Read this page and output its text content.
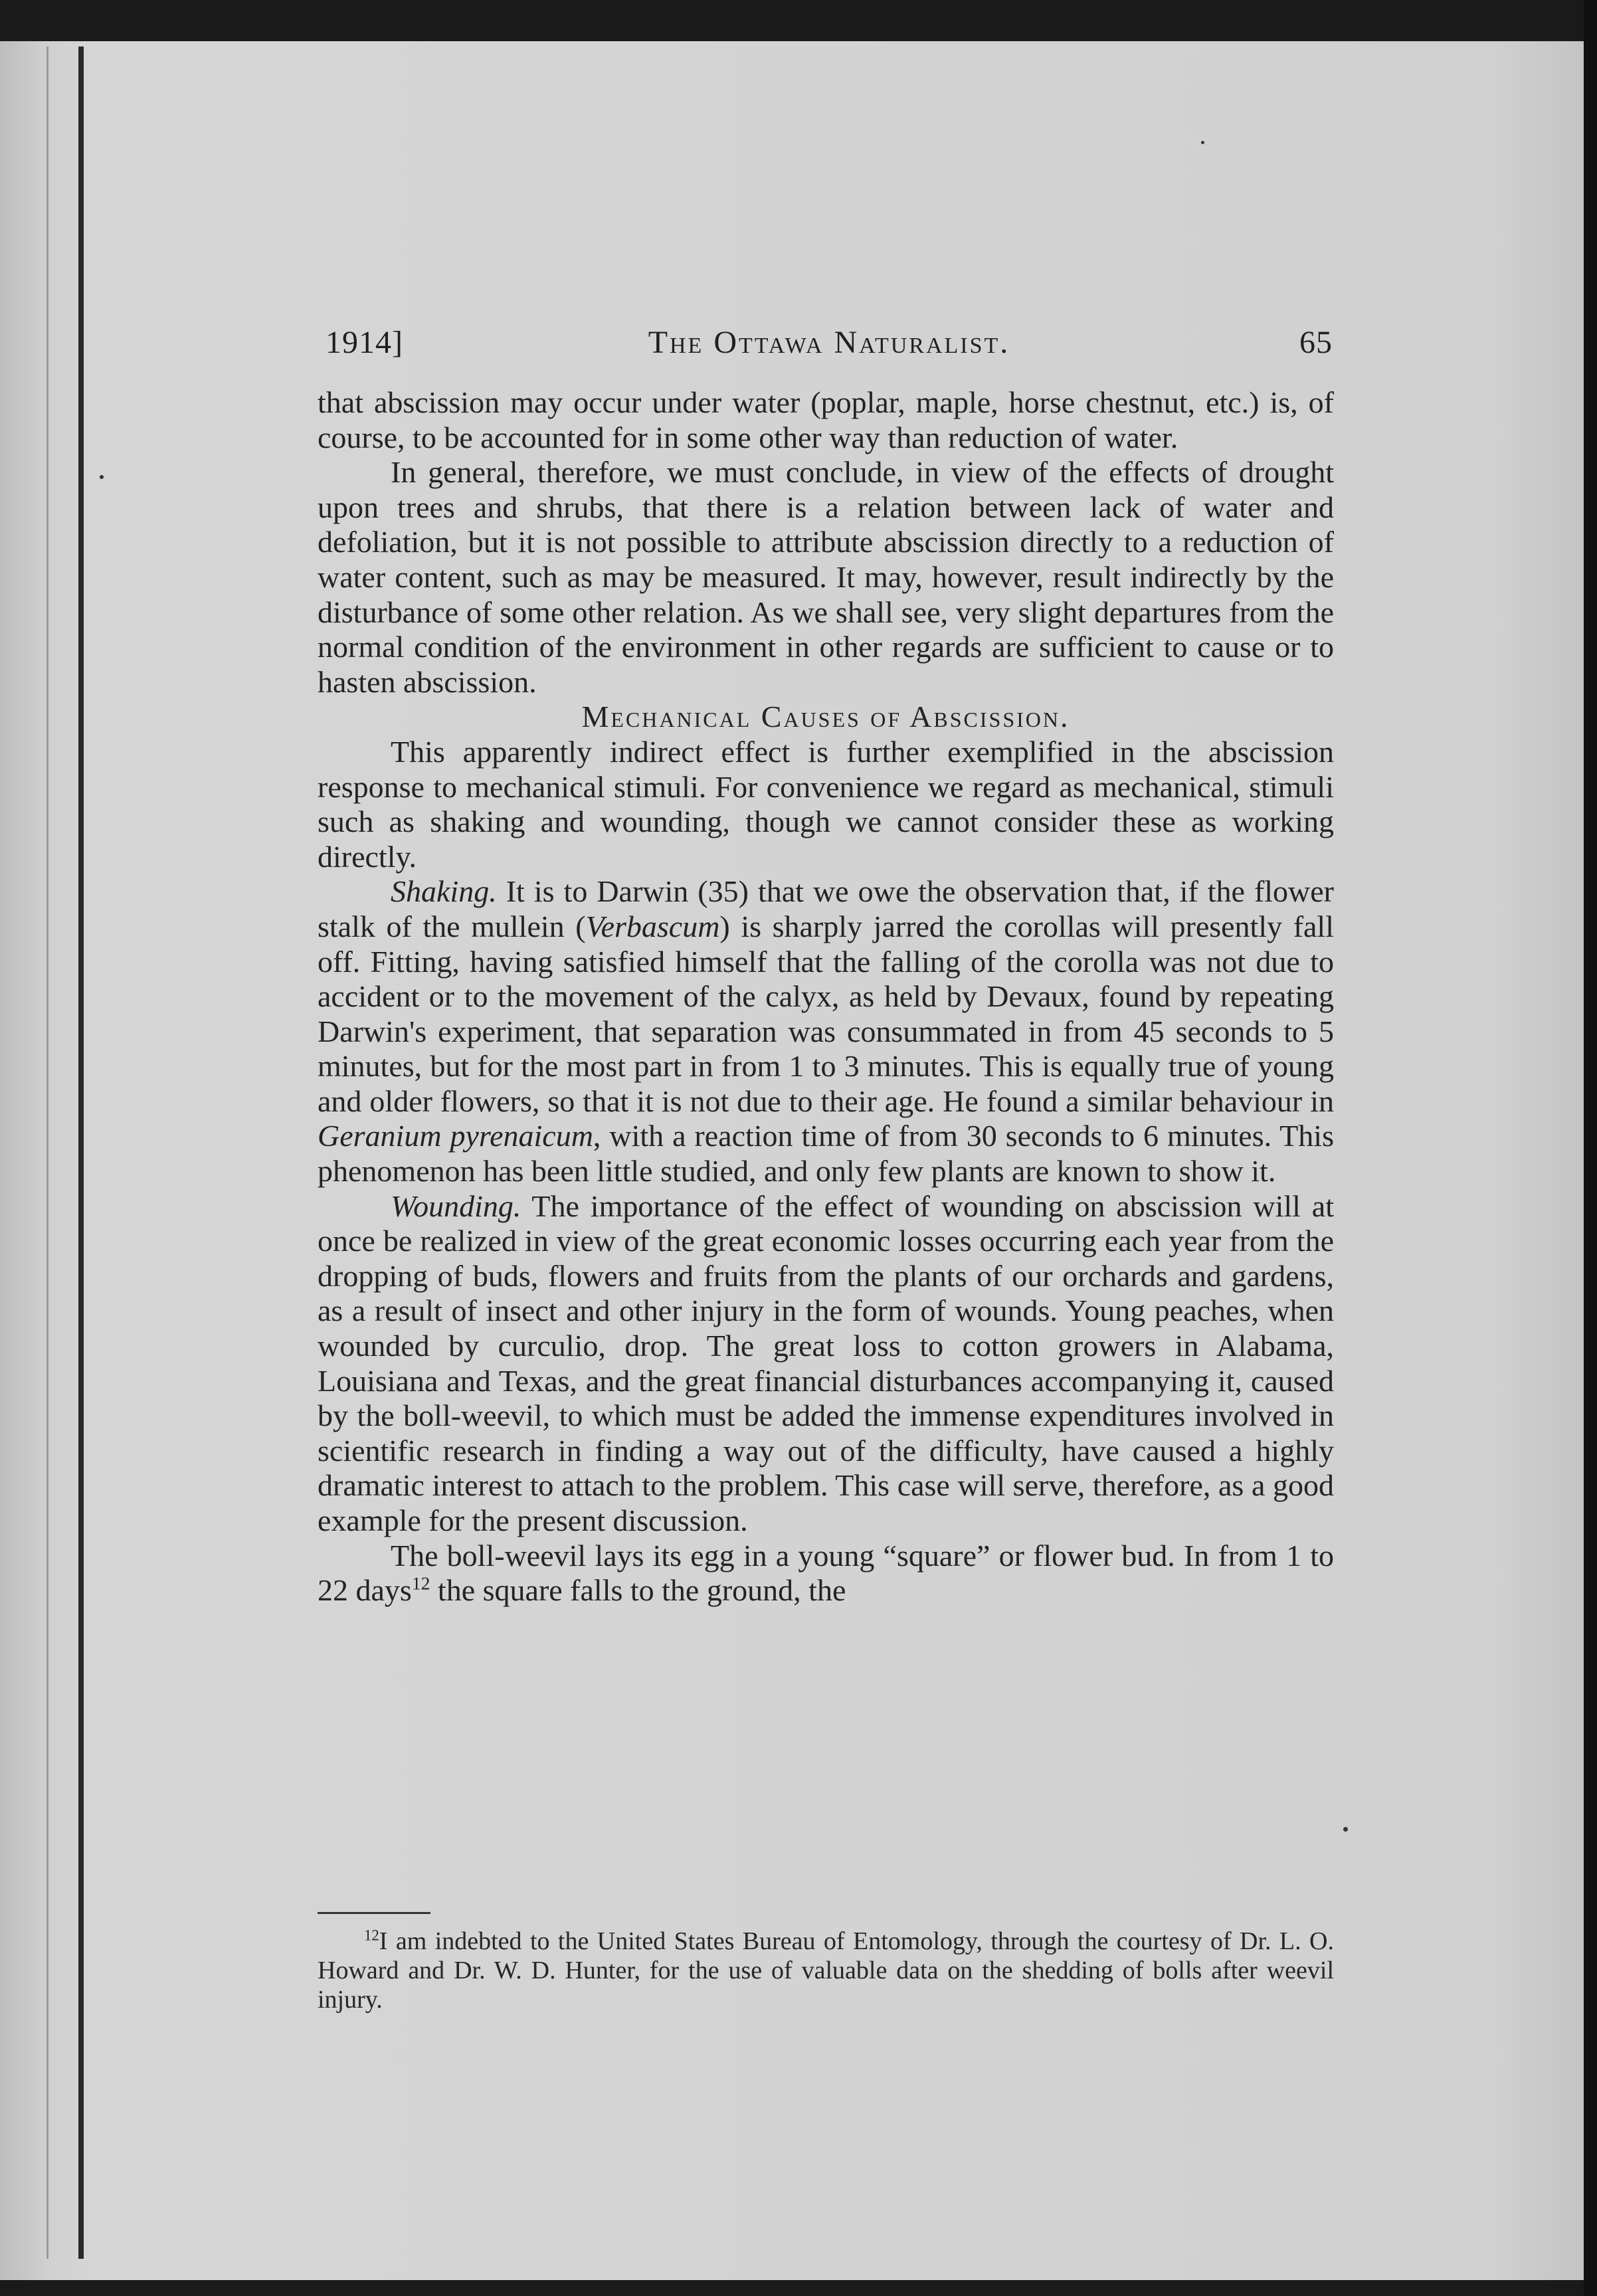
1914]	The Ottawa Naturalist.	65

that abscission may occur under water (poplar, maple, horse chestnut, etc.) is, of course, to be accounted for in some other way than reduction of water.

In general, therefore, we must conclude, in view of the effects of drought upon trees and shrubs, that there is a relation between lack of water and defoliation, but it is not possible to attribute abscission directly to a reduction of water content, such as may be measured. It may, however, result indirectly by the disturbance of some other relation. As we shall see, very slight departures from the normal condition of the environment in other regards are sufficient to cause or to hasten abscission.

Mechanical Causes of Abscission.

This apparently indirect effect is further exemplified in the abscission response to mechanical stimuli. For convenience we regard as mechanical, stimuli such as shaking and wounding, though we cannot consider these as working directly.

Shaking. It is to Darwin (35) that we owe the observation that, if the flower stalk of the mullein (Verbascum) is sharply jarred the corollas will presently fall off. Fitting, having satisfied himself that the falling of the corolla was not due to accident or to the movement of the calyx, as held by Devaux, found by repeating Darwin's experiment, that separation was consummated in from 45 seconds to 5 minutes, but for the most part in from 1 to 3 minutes. This is equally true of young and older flowers, so that it is not due to their age. He found a similar behaviour in Geranium pyrenaicum, with a reaction time of from 30 seconds to 6 minutes. This phenomenon has been little studied, and only few plants are known to show it.

Wounding. The importance of the effect of wounding on abscission will at once be realized in view of the great economic losses occurring each year from the dropping of buds, flowers and fruits from the plants of our orchards and gardens, as a result of insect and other injury in the form of wounds. Young peaches, when wounded by curculio, drop. The great loss to cotton growers in Alabama, Louisiana and Texas, and the great financial disturbances accompanying it, caused by the boll-weevil, to which must be added the immense expenditures involved in scientific research in finding a way out of the difficulty, have caused a highly dramatic interest to attach to the problem. This case will serve, therefore, as a good example for the present discussion.

The boll-weevil lays its egg in a young “square” or flower bud. In from 1 to 22 days$^{12}$ the square falls to the ground, the

$^{12}$I am indebted to the United States Bureau of Entomology, through the courtesy of Dr. L. O. Howard and Dr. W. D. Hunter, for the use of valuable data on the shedding of bolls after weevil injury.
